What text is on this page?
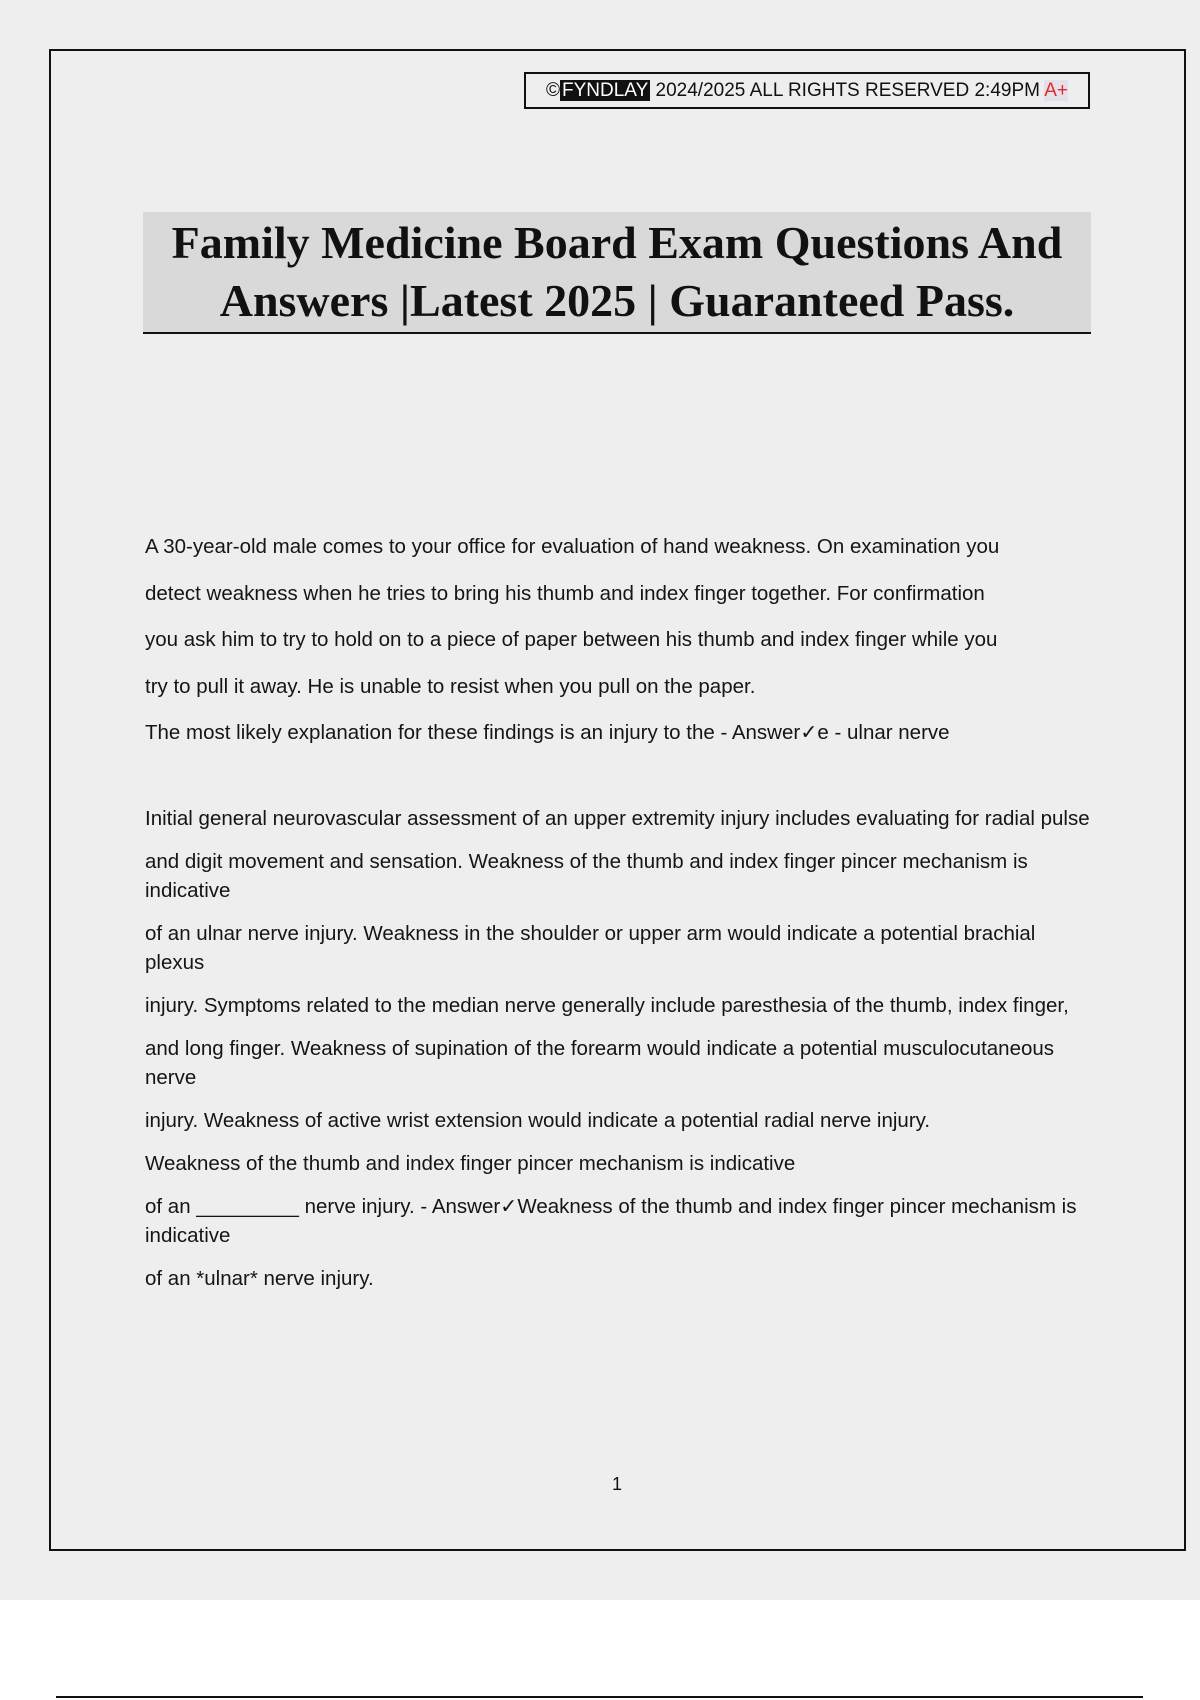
© FYNDLAY 2024/2025 ALL RIGHTS RESERVED 2:49PM A+
Family Medicine Board Exam Questions And
Answers |Latest 2025 | Guaranteed Pass.

A 30-year-old male comes to your office for evaluation of hand weakness. On examination you

detect weakness when he tries to bring his thumb and index finger together. For confirmation

you ask him to try to hold on to a piece of paper between his thumb and index finger while you

try to pull it away. He is unable to resist when you pull on the paper.

The most likely explanation for these findings is an injury to the - Answer✓e - ulnar nerve

Initial general neurovascular assessment of an upper extremity injury includes evaluating for radial pulse

and digit movement and sensation. Weakness of the thumb and index finger pincer mechanism is indicative

of an ulnar nerve injury. Weakness in the shoulder or upper arm would indicate a potential brachial plexus

injury. Symptoms related to the median nerve generally include paresthesia of the thumb, index finger,

and long finger. Weakness of supination of the forearm would indicate a potential musculocutaneous nerve

injury. Weakness of active wrist extension would indicate a potential radial nerve injury.

Weakness of the thumb and index finger pincer mechanism is indicative

of an _________ nerve injury. - Answer✓Weakness of the thumb and index finger pincer mechanism is indicative

of an *ulnar* nerve injury.

1
